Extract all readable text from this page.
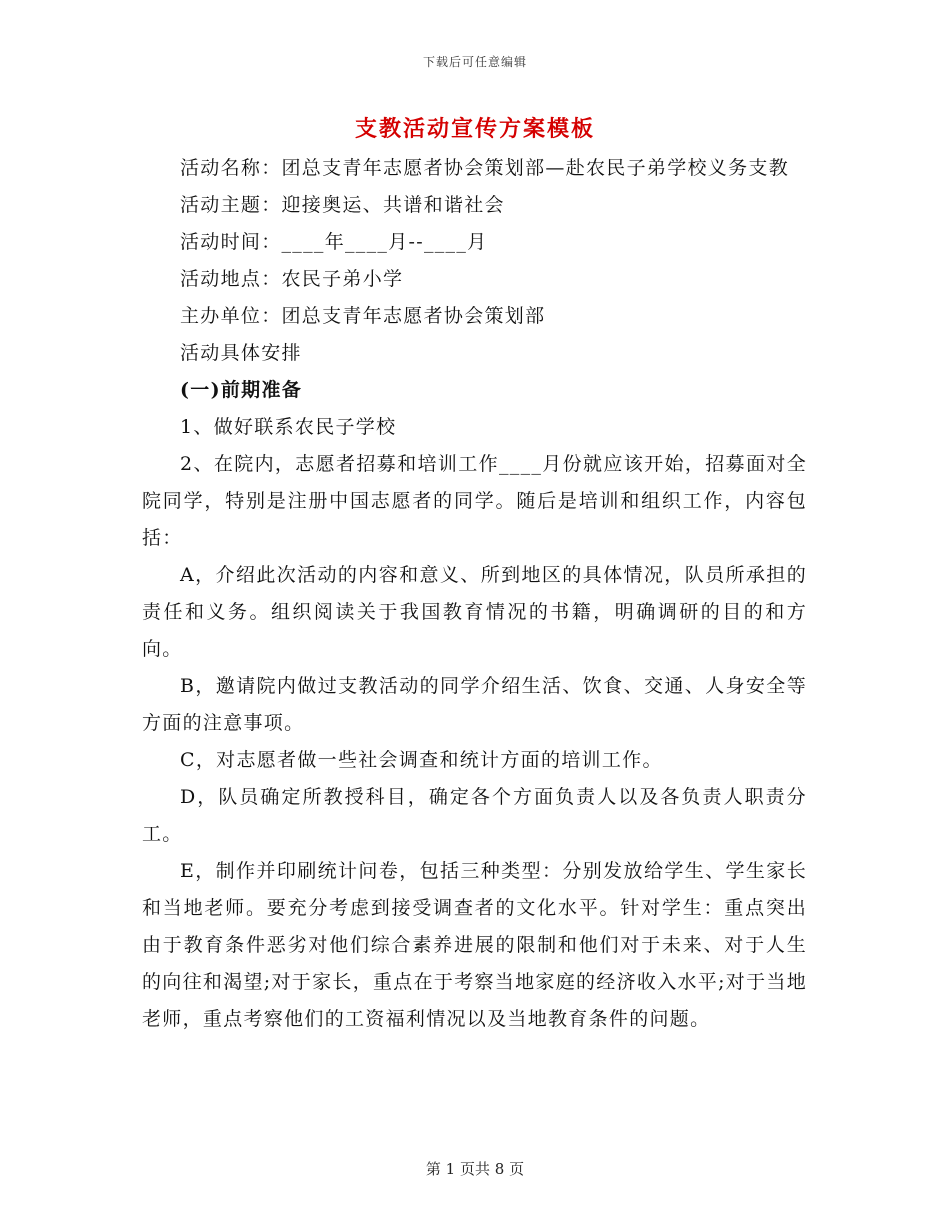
下载后可任意编辑
支教活动宣传方案模板

活动名称：团总支青年志愿者协会策划部—赴农民子弟学校义务支教

活动主题：迎接奥运、共谱和谐社会

活动时间：____年____月--____月

活动地点：农民子弟小学

主办单位：团总支青年志愿者协会策划部

活动具体安排

(一)前期准备

1、做好联系农民子学校

2、在院内，志愿者招募和培训工作____月份就应该开始，招募面对全院同学，特别是注册中国志愿者的同学。随后是培训和组织工作，内容包括：

A，介绍此次活动的内容和意义、所到地区的具体情况，队员所承担的责任和义务。组织阅读关于我国教育情况的书籍，明确调研的目的和方向。

B，邀请院内做过支教活动的同学介绍生活、饮食、交通、人身安全等方面的注意事项。

C，对志愿者做一些社会调查和统计方面的培训工作。

D，队员确定所教授科目，确定各个方面负责人以及各负责人职责分工。

E，制作并印刷统计问卷，包括三种类型：分别发放给学生、学生家长和当地老师。要充分考虑到接受调查者的文化水平。针对学生：重点突出由于教育条件恶劣对他们综合素养进展的限制和他们对于未来、对于人生的向往和渴望;对于家长，重点在于考察当地家庭的经济收入水平;对于当地老师，重点考察他们的工资福利情况以及当地教育条件的问题。

第 1 页共 8 页
